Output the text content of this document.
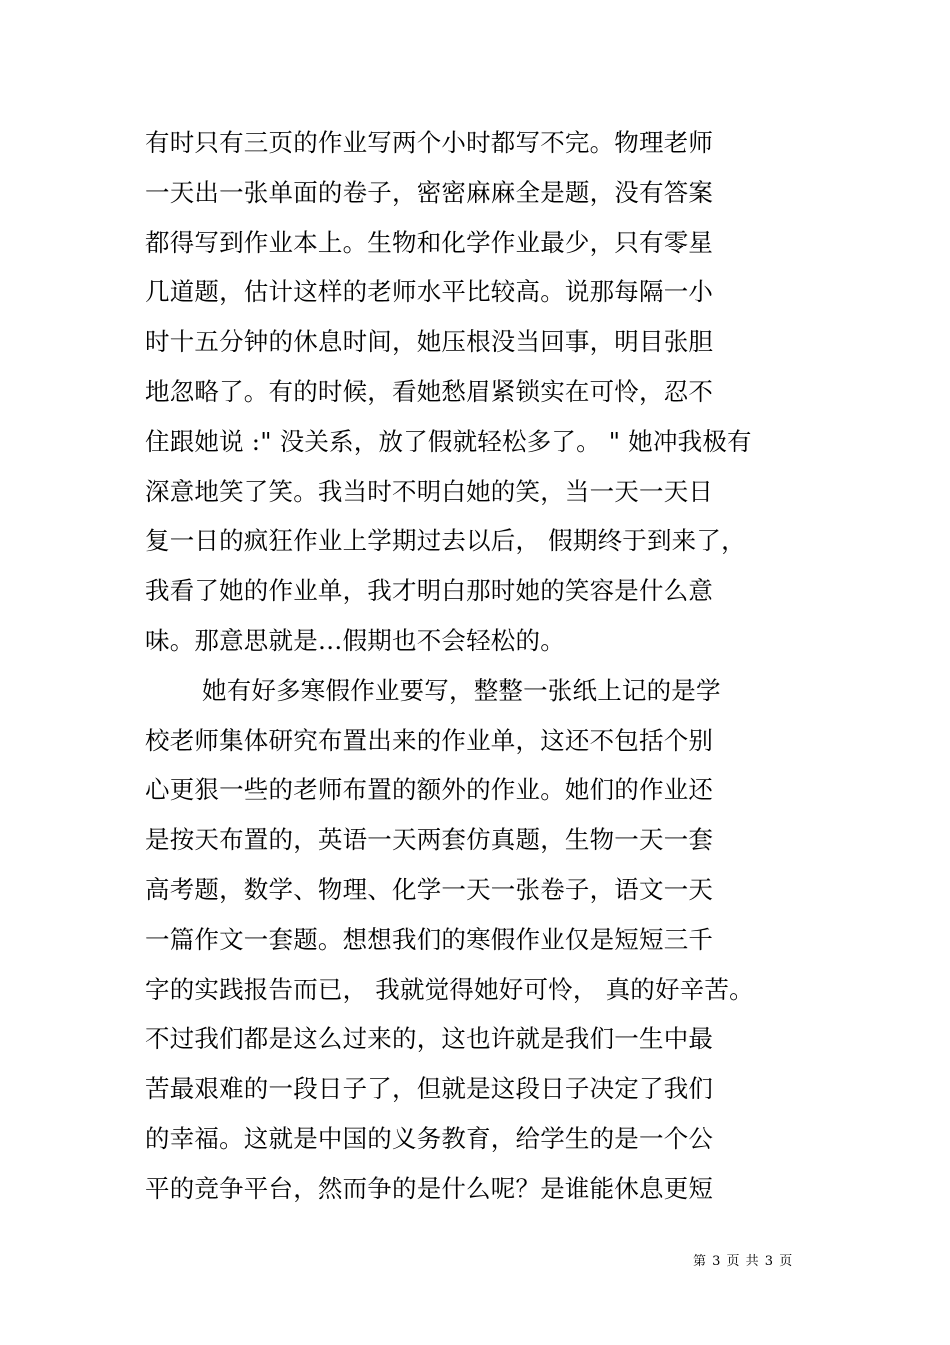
有时只有三页的作业写两个小时都写不完。物理老师
一天出一张单面的卷子，密密麻麻全是题，没有答案
都得写到作业本上。生物和化学作业最少，只有零星
几道题，估计这样的老师水平比较高。说那每隔一小
时十五分钟的休息时间，她压根没当回事，明目张胆
地忽略了。有的时候，看她愁眉紧锁实在可怜，忍不
住跟她说 :" 没关系，放了假就轻松多了。 " 她冲我极有
深意地笑了笑。我当时不明白她的笑，当一天一天日
复一日的疯狂作业上学期过去以后， 假期终于到来了，
我看了她的作业单，我才明白那时她的笑容是什么意
味。那意思就是…假期也不会轻松的。
她有好多寒假作业要写，整整一张纸上记的是学
校老师集体研究布置出来的作业单，这还不包括个别
心更狠一些的老师布置的额外的作业。她们的作业还
是按天布置的，英语一天两套仿真题，生物一天一套
高考题，数学、物理、化学一天一张卷子，语文一天
一篇作文一套题。想想我们的寒假作业仅是短短三千
字的实践报告而已， 我就觉得她好可怜， 真的好辛苦。
不过我们都是这么过来的，这也许就是我们一生中最
苦最艰难的一段日子了，但就是这段日子决定了我们
的幸福。这就是中国的义务教育，给学生的是一个公
平的竞争平台，然而争的是什么呢？是谁能休息更短
第 3 页 共 3 页
